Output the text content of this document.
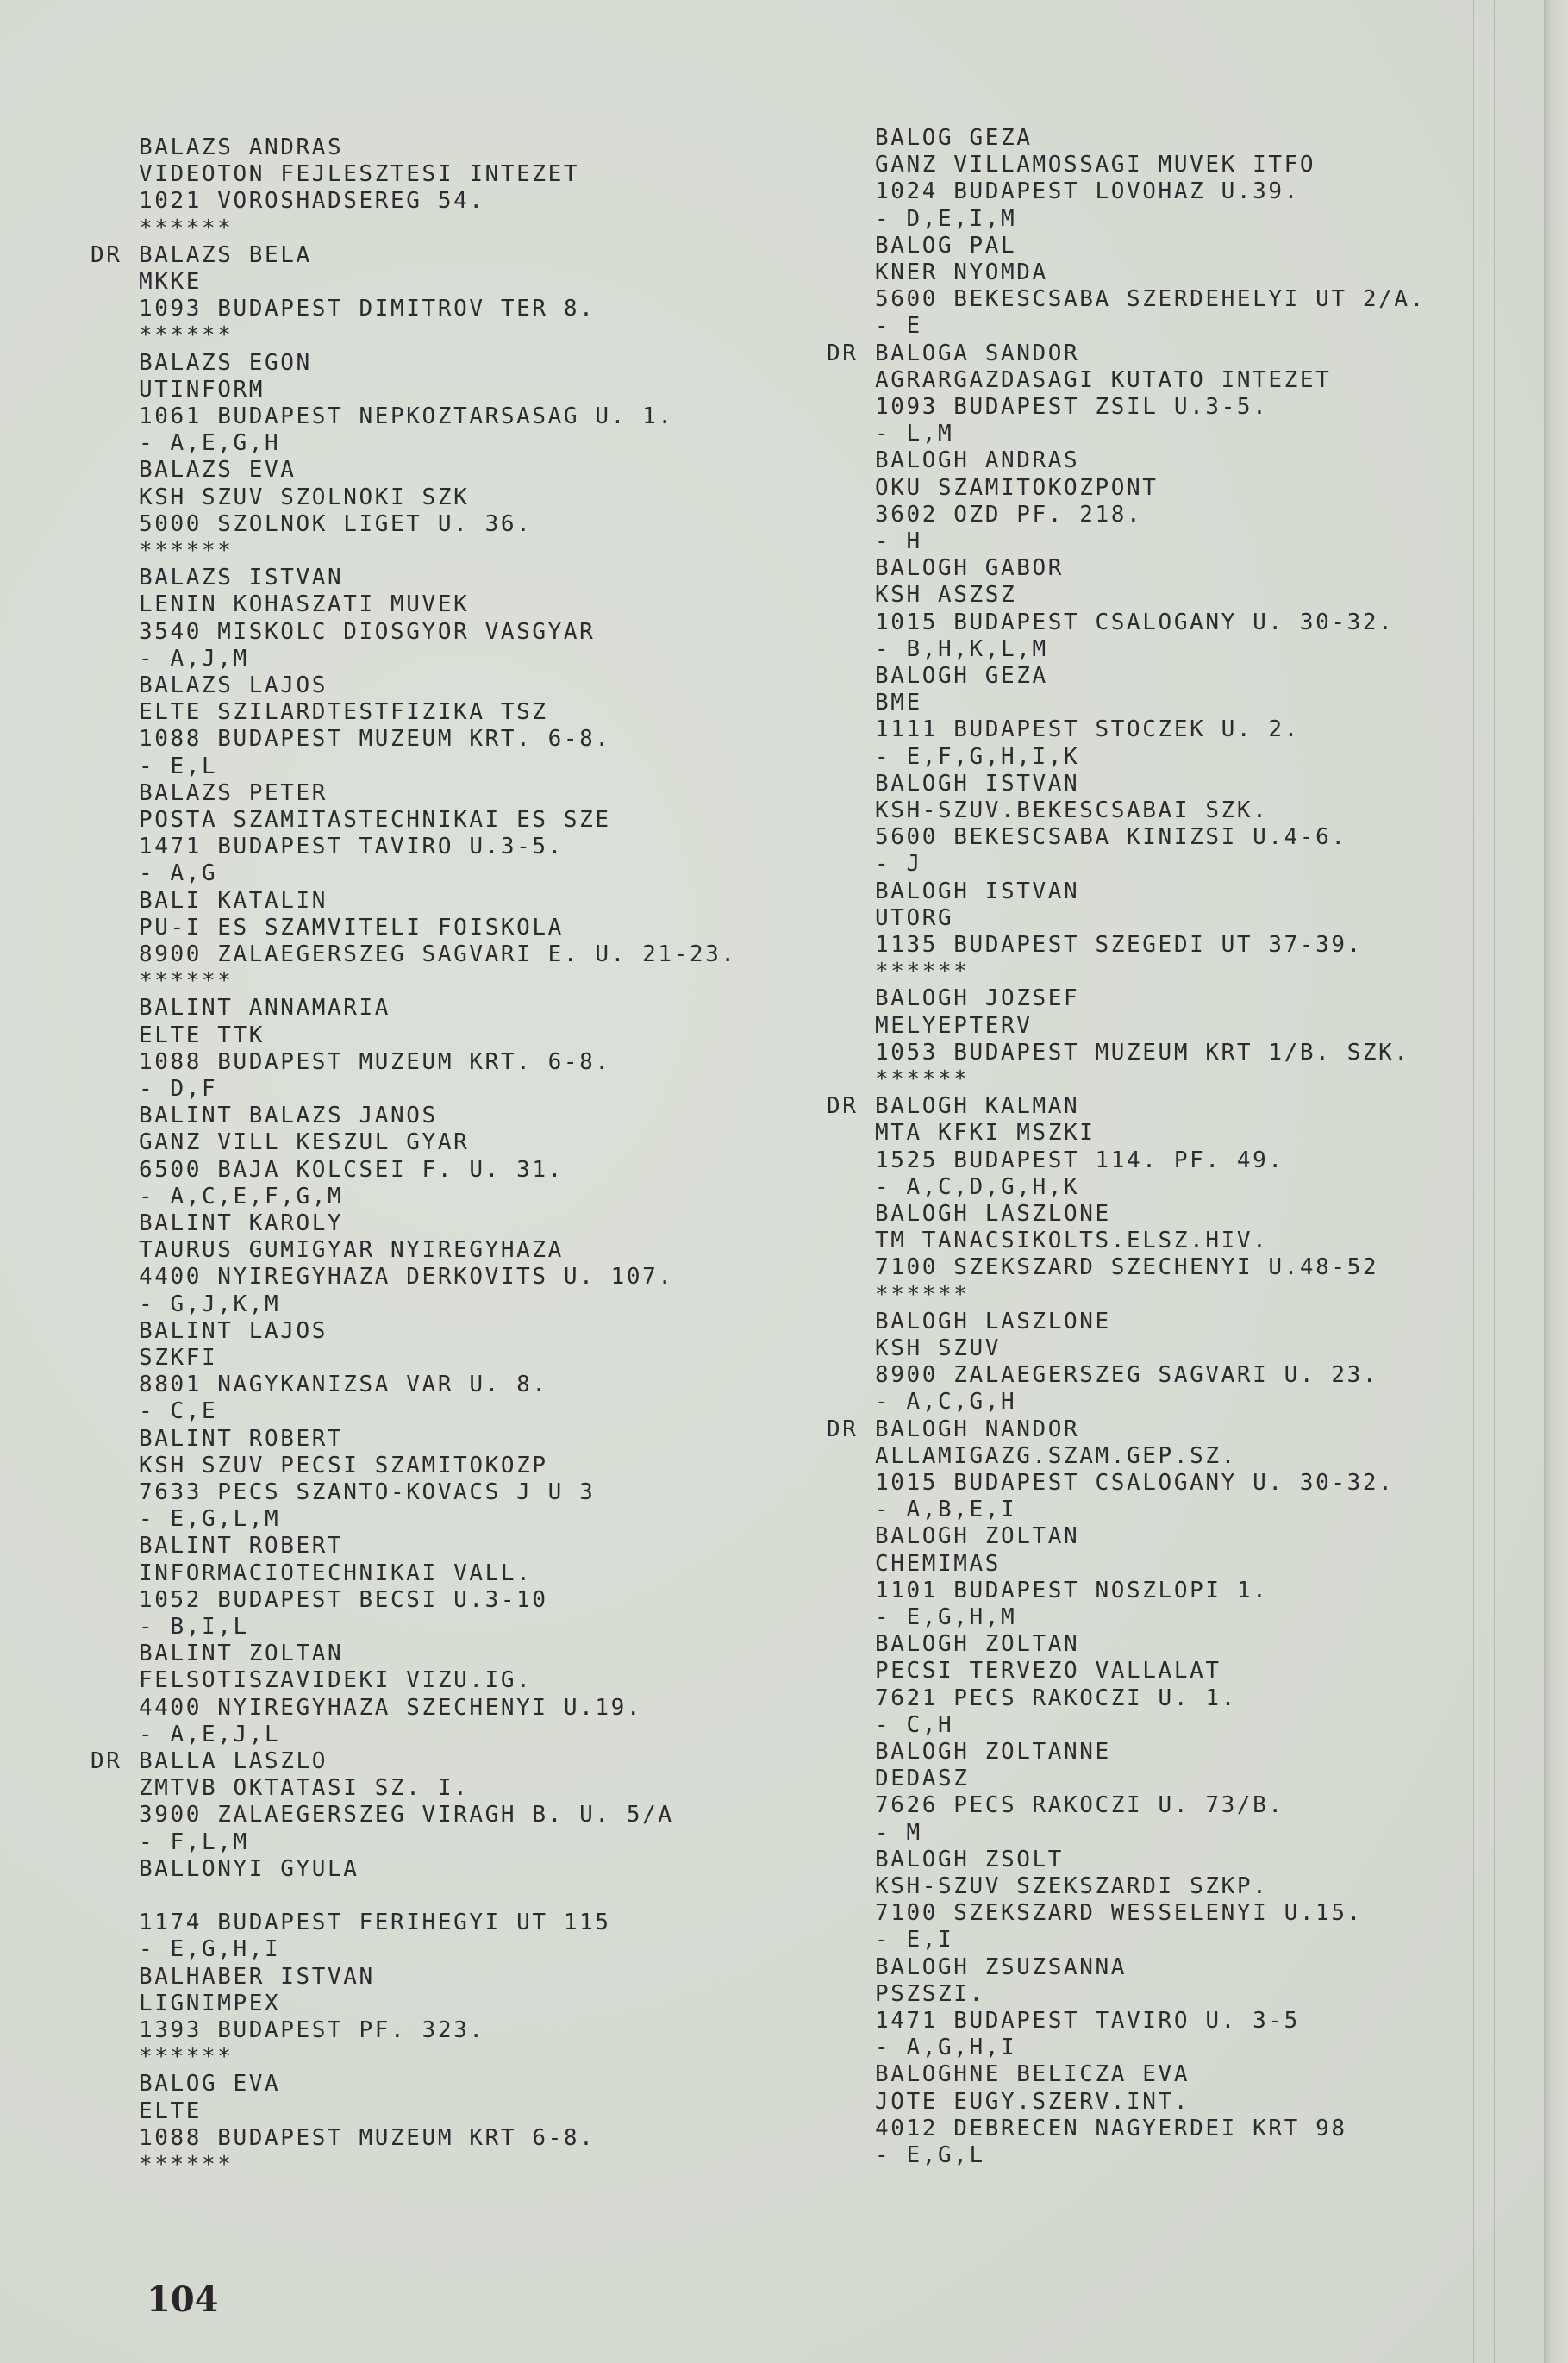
BALAZS ANDRAS
VIDEOTON FEJLESZTESI INTEZET
1021 VOROSHADSEREG 54.
******
BALAZS BELA
DR
MKKE
1093 BUDAPEST DIMITROV TER 8.
******
BALAZS EGON
UTINFORM
1061 BUDAPEST NEPKOZTARSASAG U. 1.
- A,E,G,H
BALAZS EVA
KSH SZUV SZOLNOKI SZK
5000 SZOLNOK LIGET U. 36.
******
BALAZS ISTVAN
LENIN KOHASZATI MUVEK
3540 MISKOLC DIOSGYOR VASGYAR
- A,J,M
BALAZS LAJOS
ELTE SZILARDTESTFIZIKA TSZ
1088 BUDAPEST MUZEUM KRT. 6-8.
- E,L
BALAZS PETER
POSTA SZAMITASTECHNIKAI ES SZE
1471 BUDAPEST TAVIRO U.3-5.
- A,G
BALI KATALIN
PU-I ES SZAMVITELI FOISKOLA
8900 ZALAEGERSZEG SAGVARI E. U. 21-23.
******
BALINT ANNAMARIA
ELTE TTK
1088 BUDAPEST MUZEUM KRT. 6-8.
- D,F
BALINT BALAZS JANOS
GANZ VILL KESZUL GYAR
6500 BAJA KOLCSEI F. U. 31.
- A,C,E,F,G,M
BALINT KAROLY
TAURUS GUMIGYAR NYIREGYHAZA
4400 NYIREGYHAZA DERKOVITS U. 107.
- G,J,K,M
BALINT LAJOS
SZKFI
8801 NAGYKANIZSA VAR U. 8.
- C,E
BALINT ROBERT
KSH SZUV PECSI SZAMITOKOZP
7633 PECS SZANTO-KOVACS J U 3
- E,G,L,M
BALINT ROBERT
INFORMACIOTECHNIKAI VALL.
1052 BUDAPEST BECSI U.3-10
- B,I,L
BALINT ZOLTAN
FELSOTISZAVIDEKI VIZU.IG.
4400 NYIREGYHAZA SZECHENYI U.19.
- A,E,J,L
BALLA LASZLO
DR
ZMTVB OKTATASI SZ. I.
3900 ZALAEGERSZEG VIRAGH B. U. 5/A
- F,L,M
BALLONYI GYULA
1174 BUDAPEST FERIHEGYI UT 115
- E,G,H,I
BALHABER ISTVAN
LIGNIMPEX
1393 BUDAPEST PF. 323.
******
BALOG EVA
ELTE
1088 BUDAPEST MUZEUM KRT 6-8.
******
BALOG GEZA
GANZ VILLAMOSSAGI MUVEK ITFO
1024 BUDAPEST LOVOHAZ U.39.
- D,E,I,M
BALOG PAL
KNER NYOMDA
5600 BEKESCSABA SZERDEHELYI UT 2/A.
- E
BALOGA SANDOR
DR
AGRARGAZDASAGI KUTATO INTEZET
1093 BUDAPEST ZSIL U.3-5.
- L,M
BALOGH ANDRAS
OKU SZAMITOKOZPONT
3602 OZD PF. 218.
- H
BALOGH GABOR
KSH ASZSZ
1015 BUDAPEST CSALOGANY U. 30-32.
- B,H,K,L,M
BALOGH GEZA
BME
1111 BUDAPEST STOCZEK U. 2.
- E,F,G,H,I,K
BALOGH ISTVAN
KSH-SZUV.BEKESCSABAI SZK.
5600 BEKESCSABA KINIZSI U.4-6.
- J
BALOGH ISTVAN
UTORG
1135 BUDAPEST SZEGEDI UT 37-39.
******
BALOGH JOZSEF
MELYEPTERV
1053 BUDAPEST MUZEUM KRT 1/B. SZK.
******
BALOGH KALMAN
DR
MTA KFKI MSZKI
1525 BUDAPEST 114. PF. 49.
- A,C,D,G,H,K
BALOGH LASZLONE
TM TANACSIKOLTS.ELSZ.HIV.
7100 SZEKSZARD SZECHENYI U.48-52
******
BALOGH LASZLONE
KSH SZUV
8900 ZALAEGERSZEG SAGVARI U. 23.
- A,C,G,H
BALOGH NANDOR
DR
ALLAMIGAZG.SZAM.GEP.SZ.
1015 BUDAPEST CSALOGANY U. 30-32.
- A,B,E,I
BALOGH ZOLTAN
CHEMIMAS
1101 BUDAPEST NOSZLOPI 1.
- E,G,H,M
BALOGH ZOLTAN
PECSI TERVEZO VALLALAT
7621 PECS RAKOCZI U. 1.
- C,H
BALOGH ZOLTANNE
DEDASZ
7626 PECS RAKOCZI U. 73/B.
- M
BALOGH ZSOLT
KSH-SZUV SZEKSZARDI SZKP.
7100 SZEKSZARD WESSELENYI U.15.
- E,I
BALOGH ZSUZSANNA
PSZSZI.
1471 BUDAPEST TAVIRO U. 3-5
- A,G,H,I
BALOGHNE BELICZA EVA
JOTE EUGY.SZERV.INT.
4012 DEBRECEN NAGYERDEI KRT 98
- E,G,L
104
